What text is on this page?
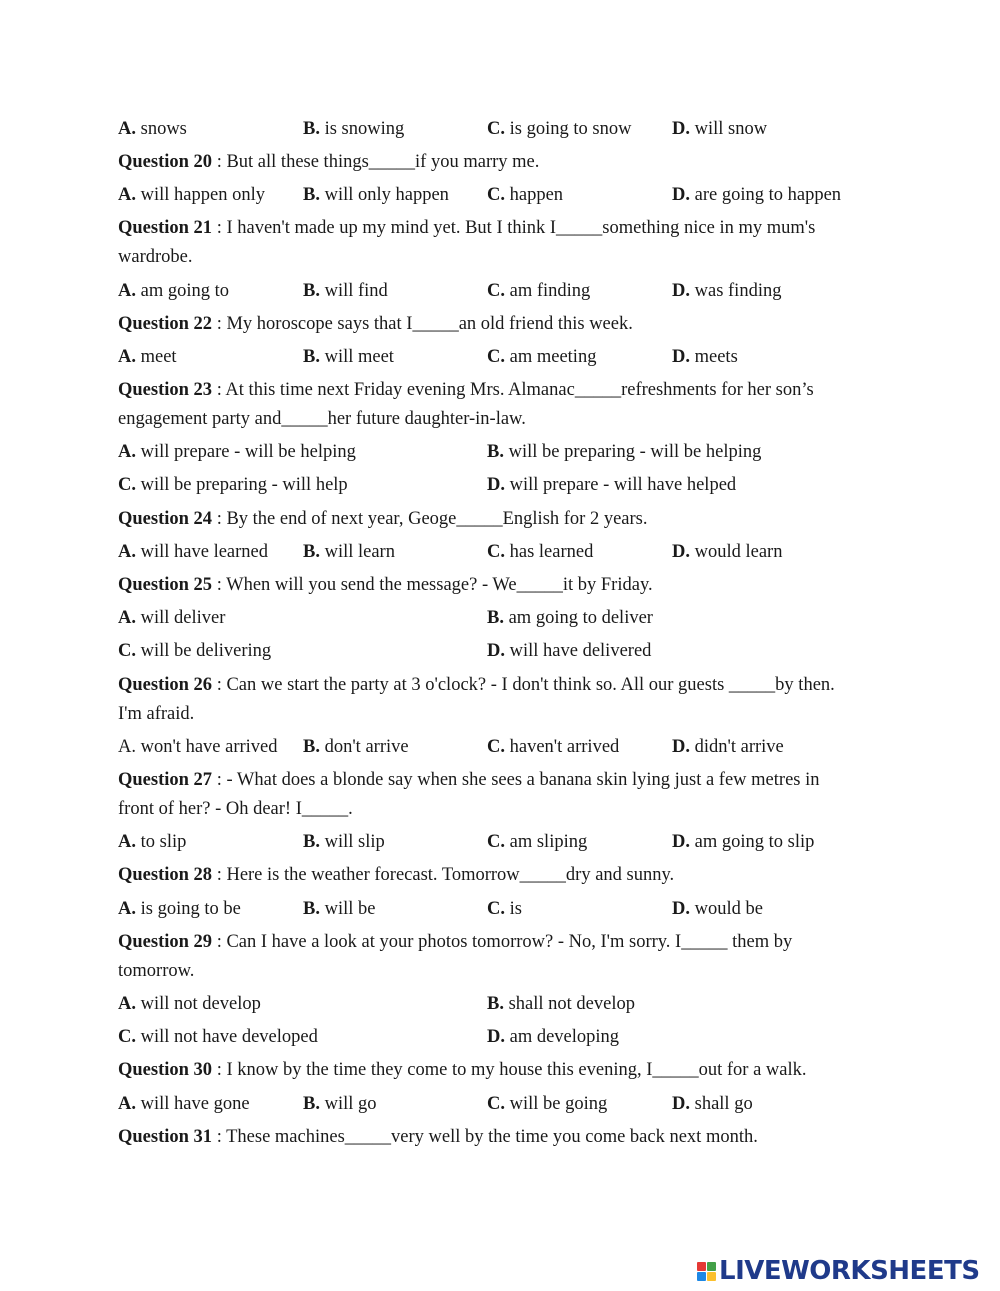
A. snows	B. is snowing	C. is going to snow D. will snow
Question 20 : But all these things_____if you marry me.
A. will happen only B. will only happen C. happen	D. are going to happen
Question 21 : I haven't made up my mind yet. But I think I_____something nice in my mum's
wardrobe.
A. am going to	B. will find	C. am finding	D. was finding
Question 22 : My horoscope says that I_____an old friend this week.
A. meet	B. will meet	C. am meeting	D. meets
Question 23 : At this time next Friday evening Mrs. Almanac_____refreshments for her son’s
engagement party and_____her future daughter-in-law.
A. will prepare - will be helping	B. will be preparing - will be helping
C. will be preparing - will help	D. will prepare - will have helped
Question 24 : By the end of next year, Geoge_____English for 2 years.
A. will have learned B. will learn	C. has learned	D. would learn
Question 25 : When will you send the message? - We_____it by Friday.
A. will deliver	B. am going to deliver
C. will be delivering	D. will have delivered
Question 26 : Can we start the party at 3 o'clock? - I don't think so. All our guests _____by then.
I'm afraid.
A. won't have arrived B. don't arrive	C. haven't arrived	D. didn't arrive
Question 27 : - What does a blonde say when she sees a banana skin lying just a few metres in
front of her? - Oh dear! I_____.
A. to slip	B. will slip	C. am sliping	D. am going to slip
Question 28 : Here is the weather forecast. Tomorrow_____dry and sunny.
A. is going to be	B. will be	C. is	D. would be
Question 29 : Can I have a look at your photos tomorrow? - No, I'm sorry. I_____ them by
tomorrow.
A. will not develop	B. shall not develop
C. will not have developed	D. am developing
Question 30 : I know by the time they come to my house this evening, I_____out for a walk.
A. will have gone	B. will go	C. will be going	D. shall go
Question 31 : These machines_____very well by the time you come back next month.
LIVEWORKSHEETS
